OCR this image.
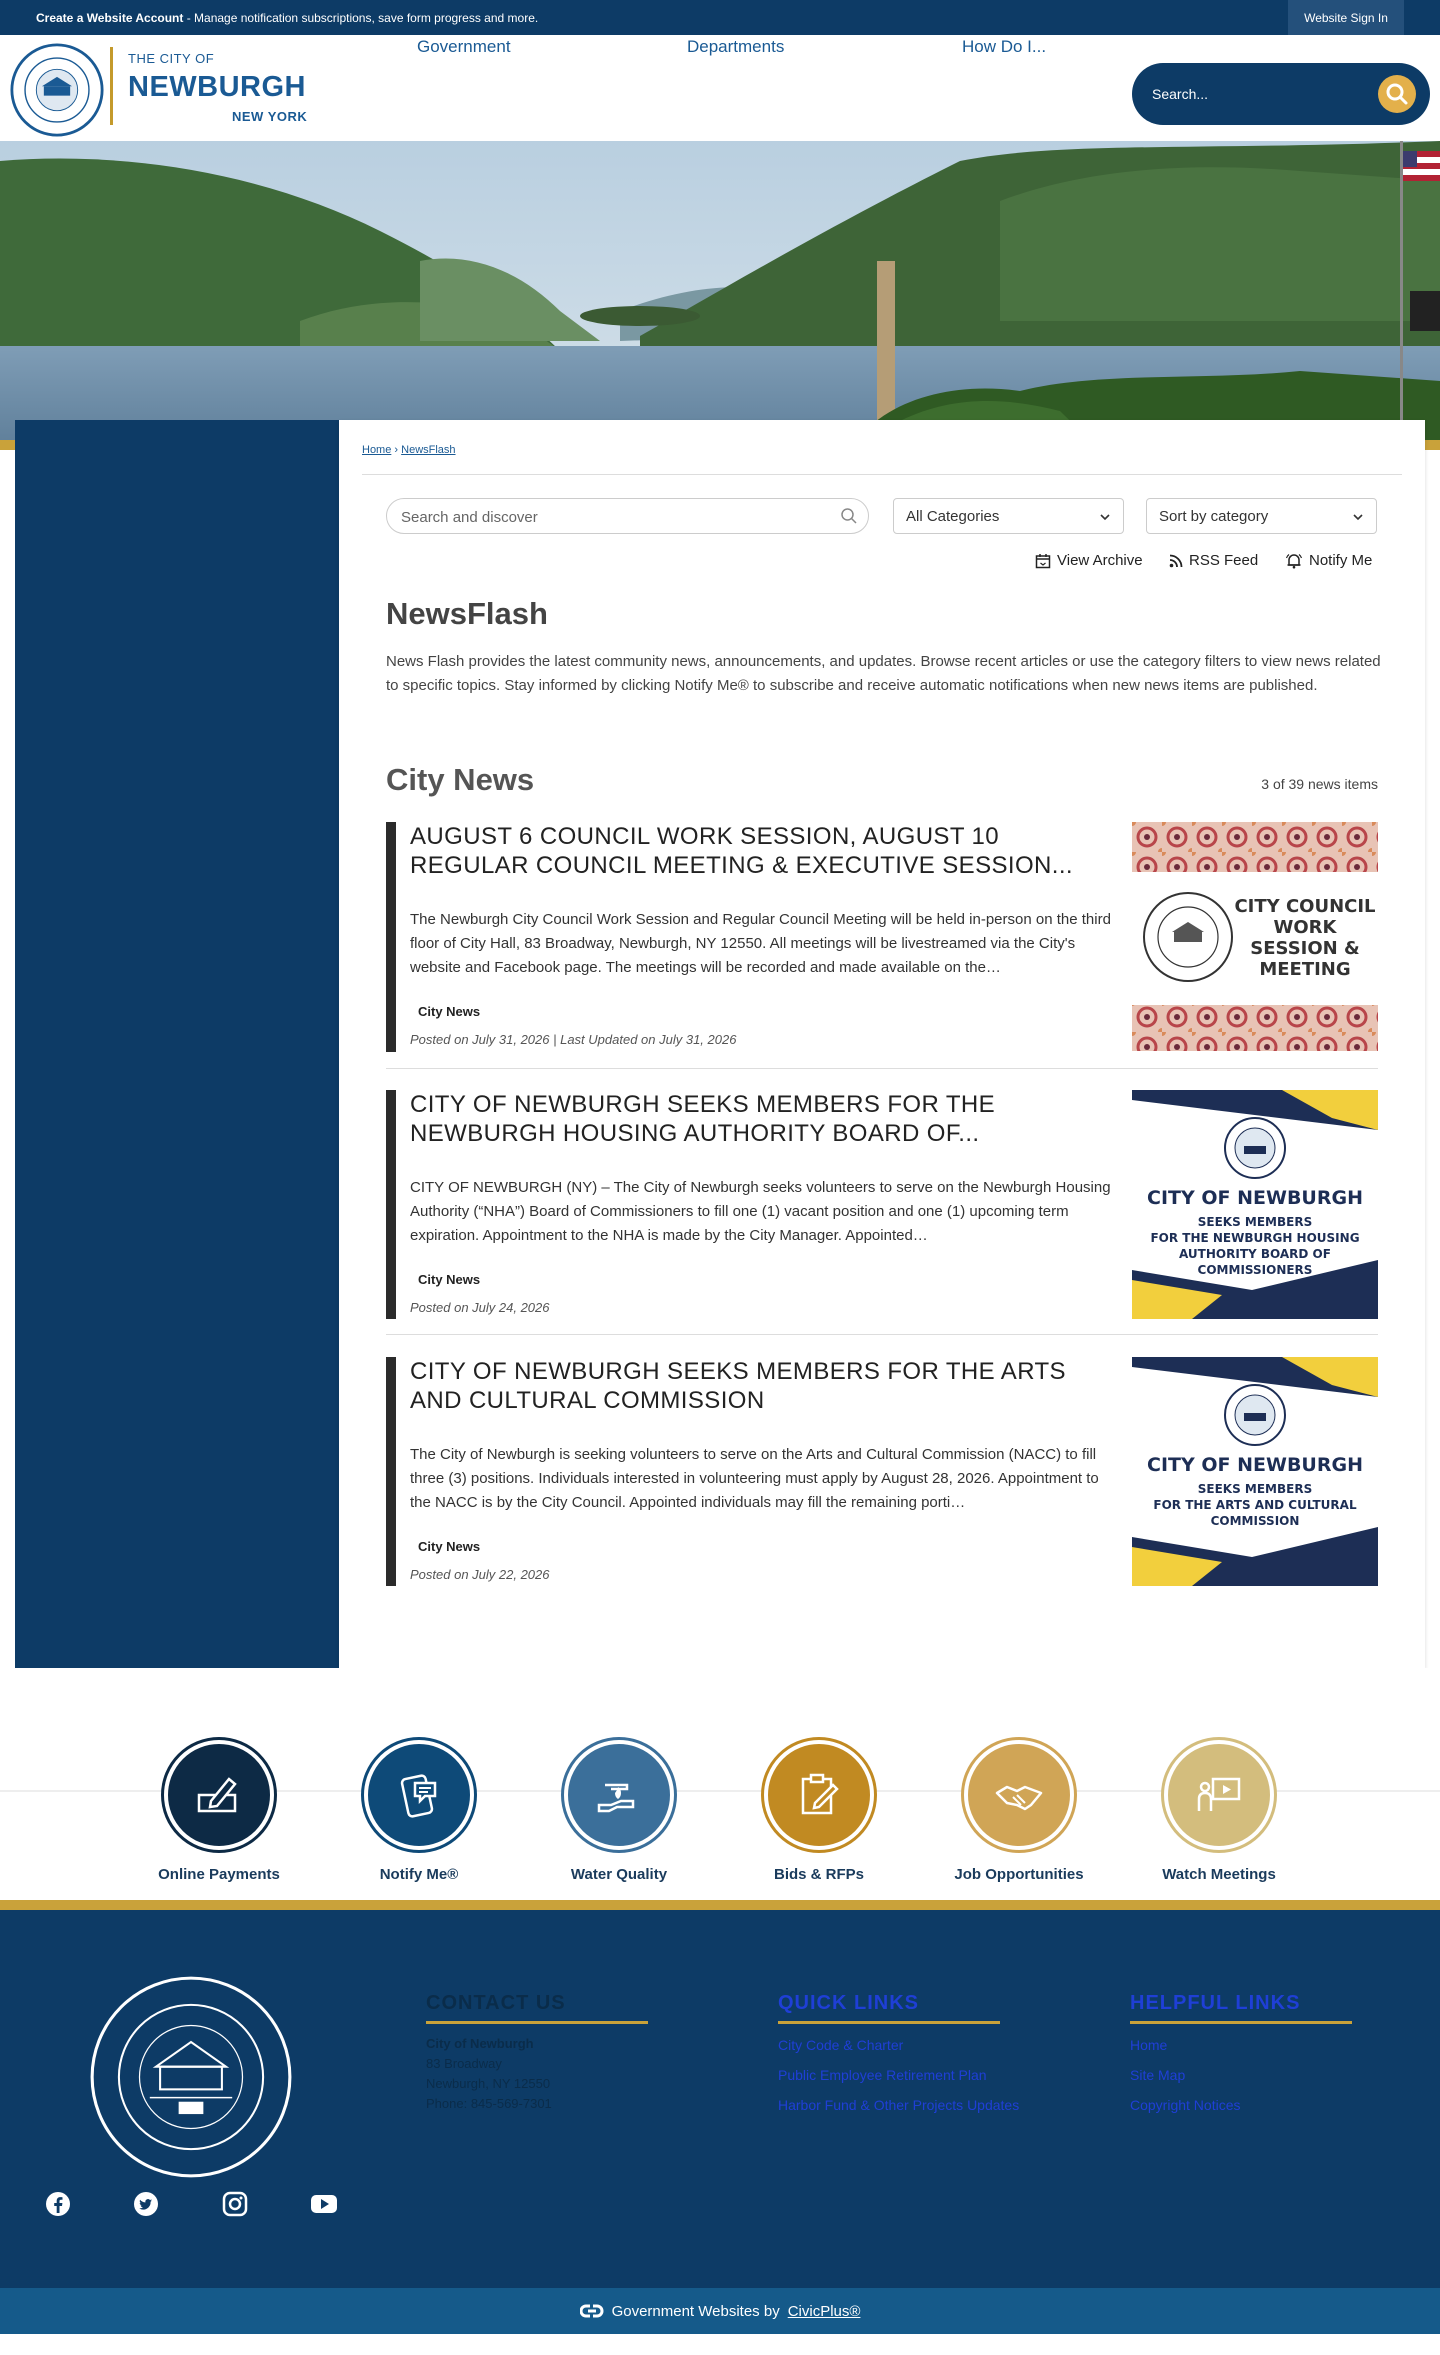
Create a Website Account - Manage notification subscriptions, save form progress and more.	Website Sign In
THE CITY OF
NEWBURGH
NEW YORK
Government	Departments	How Do I...
Search...
Home › NewsFlash
Search and discover
All Categories	Sort by category
View Archive	RSS Feed	Notify Me
NewsFlash

News Flash provides the latest community news, announcements, and updates. Browse recent articles or use the category filters to view news related to specific topics. Stay informed by clicking Notify Me® to subscribe and receive automatic notifications when new news items are published.

City News	3 of 39 news items
AUGUST 6 COUNCIL WORK SESSION, AUGUST 10 REGULAR COUNCIL MEETING & EXECUTIVE SESSION...
The Newburgh City Council Work Session and Regular Council Meeting will be held in-person on the third floor of City Hall, 83 Broadway, Newburgh, NY 12550. All meetings will be livestreamed via the City's website and Facebook page. The meetings will be recorded and made available on the…
City News
Posted on July 31, 2026 | Last Updated on July 31, 2026
CITY COUNCIL
WORK
SESSION &
MEETING
CITY OF NEWBURGH SEEKS MEMBERS FOR THE NEWBURGH HOUSING AUTHORITY BOARD OF...
CITY OF NEWBURGH (NY) – The City of Newburgh seeks volunteers to serve on the Newburgh Housing Authority (“NHA”) Board of Commissioners to fill one (1) vacant position and one (1) upcoming term expiration. Appointment to the NHA is made by the City Manager. Appointed…
City News
Posted on July 24, 2026
CITY OF NEWBURGH
SEEKS MEMBERS
FOR THE NEWBURGH HOUSING
AUTHORITY BOARD OF
COMMISSIONERS
CITY OF NEWBURGH SEEKS MEMBERS FOR THE ARTS AND CULTURAL COMMISSION
The City of Newburgh is seeking volunteers to serve on the Arts and Cultural Commission (NACC) to fill three (3) positions. Individuals interested in volunteering must apply by August 28, 2026. Appointment to the NACC is by the City Council. Appointed individuals may fill the remaining porti…
City News
Posted on July 22, 2026
CITY OF NEWBURGH
SEEKS MEMBERS
FOR THE ARTS AND CULTURAL
COMMISSION
Online Payments	Notify Me®	Water Quality	Bids & RFPs	Job Opportunities	Watch Meetings
CONTACT US
City of Newburgh
83 Broadway
Newburgh, NY 12550
Phone: 845-569-7301
QUICK LINKS
City Code & Charter
Public Employee Retirement Plan
Harbor Fund & Other Projects Updates
HELPFUL LINKS
Home
Site Map
Copyright Notices
Government Websites by CivicPlus®
